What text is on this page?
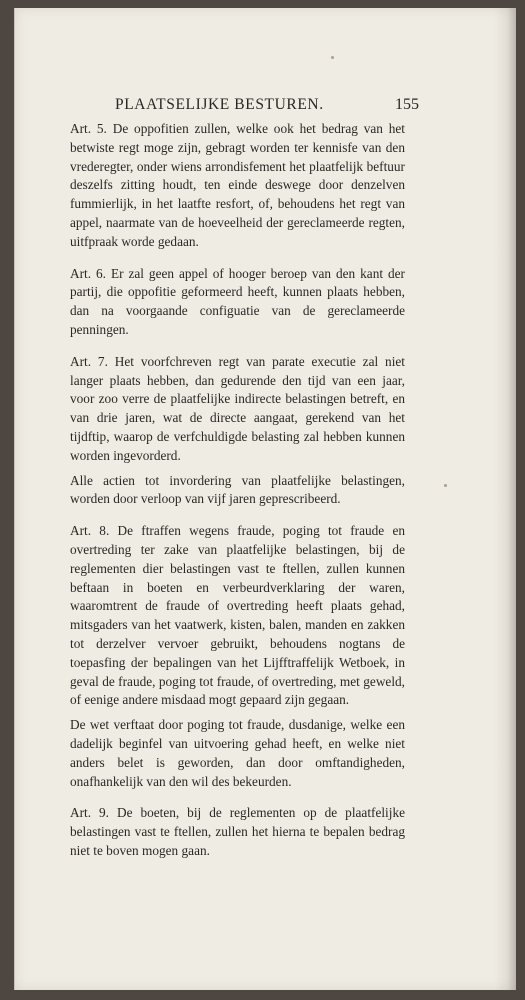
PLAATSELIJKE BESTUREN.	155

Art. 5. De oppofitien zullen, welke ook het bedrag van het betwiste regt moge zijn, gebragt worden ter kennisfe van den vrederegter, onder wiens arrondisfement het plaatfelijk beftuur deszelfs zitting houdt, ten einde deswege door denzelven fummierlijk, in het laatfte resfort, of, behoudens het regt van appel, naarmate van de hoeveelheid der gereclameerde regten, uitfpraak worde gedaan.

Art. 6. Er zal geen appel of hooger beroep van den kant der partij, die oppofitie geformeerd heeft, kunnen plaats hebben, dan na voorgaande configuatie van de gereclameerde penningen.

Art. 7. Het voorfchreven regt van parate executie zal niet langer plaats hebben, dan gedurende den tijd van een jaar, voor zoo verre de plaatfelijke indirecte belastingen betreft, en van drie jaren, wat de directe aangaat, gerekend van het tijdftip, waarop de verfchuldigde belasting zal hebben kunnen worden ingevorderd.

Alle actien tot invordering van plaatfelijke belastingen, worden door verloop van vijf jaren geprescribeerd.

Art. 8. De ftraffen wegens fraude, poging tot fraude en overtreding ter zake van plaatfelijke belastingen, bij de reglementen dier belastingen vast te ftellen, zullen kunnen beftaan in boeten en verbeurdverklaring der waren, waaromtrent de fraude of overtreding heeft plaats gehad, mitsgaders van het vaatwerk, kisten, balen, manden en zakken tot derzelver vervoer gebruikt, behoudens nogtans de toepasfing der bepalingen van het Lijfftraffelijk Wetboek, in geval de fraude, poging tot fraude, of overtreding, met geweld, of eenige andere misdaad mogt gepaard zijn gegaan.

De wet verftaat door poging tot fraude, dusdanige, welke een dadelijk beginfel van uitvoering gehad heeft, en welke niet anders belet is geworden, dan door omftandigheden, onafhankelijk van den wil des bekeurden.

Art. 9. De boeten, bij de reglementen op de plaatfelijke belastingen vast te ftellen, zullen het hierna te bepalen bedrag niet te boven mogen gaan.
